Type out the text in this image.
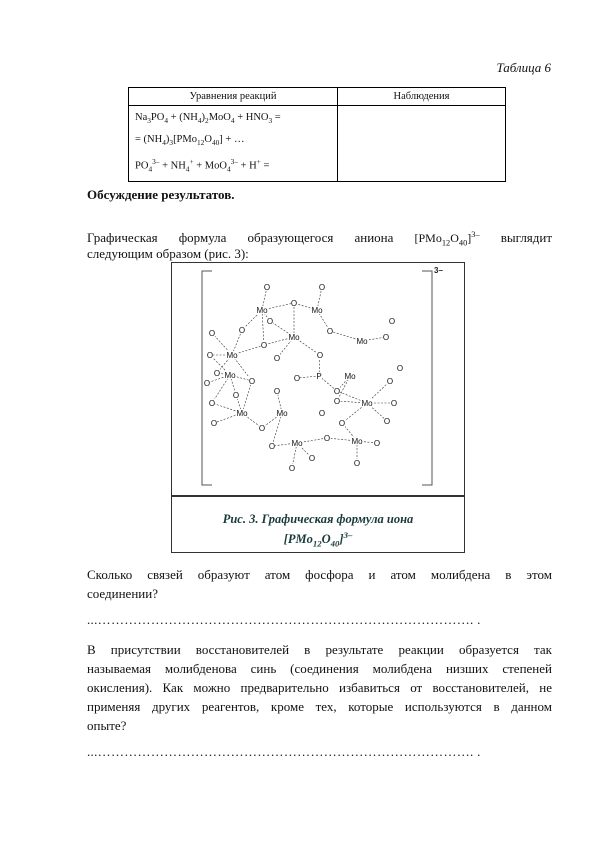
Таблица 6
Уравнения реакций	Наблюдения

$Na_3PO_4 + (NH_4)_2MoO_4 + HNO_3$ =
= $(NH_4)_3[PMo_{12}O_{40}]$ + …
$PO_4^{3-} + NH_4^+ + MoO_4^{3-} + H^+$ =	

Обсуждение результатов.
Графическая формула образующегося аниона $[PMo_{12}O_{40}]^{3-}$ выглядит
следующим образом (рис. 3):
3–
O	O
O	O
O
O
O
O	O
O
O
O
O
O
O	O
O
O
O
O
O
O
O
O
O
O
O
O
O	O
O
O
O
O
O
O
Mo	Mo
Mo
Mo	Mo
Mo	Mo
Mo	Mo
Mo
Mo	Mo
P
Рис. 3. Графическая формула иона
$[PMo_{12}O_{40}]^{3-}$
Сколько связей образуют атом фосфора и атом молибдена в этом
соединении?
...…………………………………………………………………………. .
В присутствии восстановителей в результате реакции образуется так
называемая молибденова синь (соединения молибдена низших степеней
окисления). Как можно предварительно избавиться от восстановителей, не
применяя других реагентов, кроме тех, которые используются в данном
опыте?
...…………………………………………………………………………. .
